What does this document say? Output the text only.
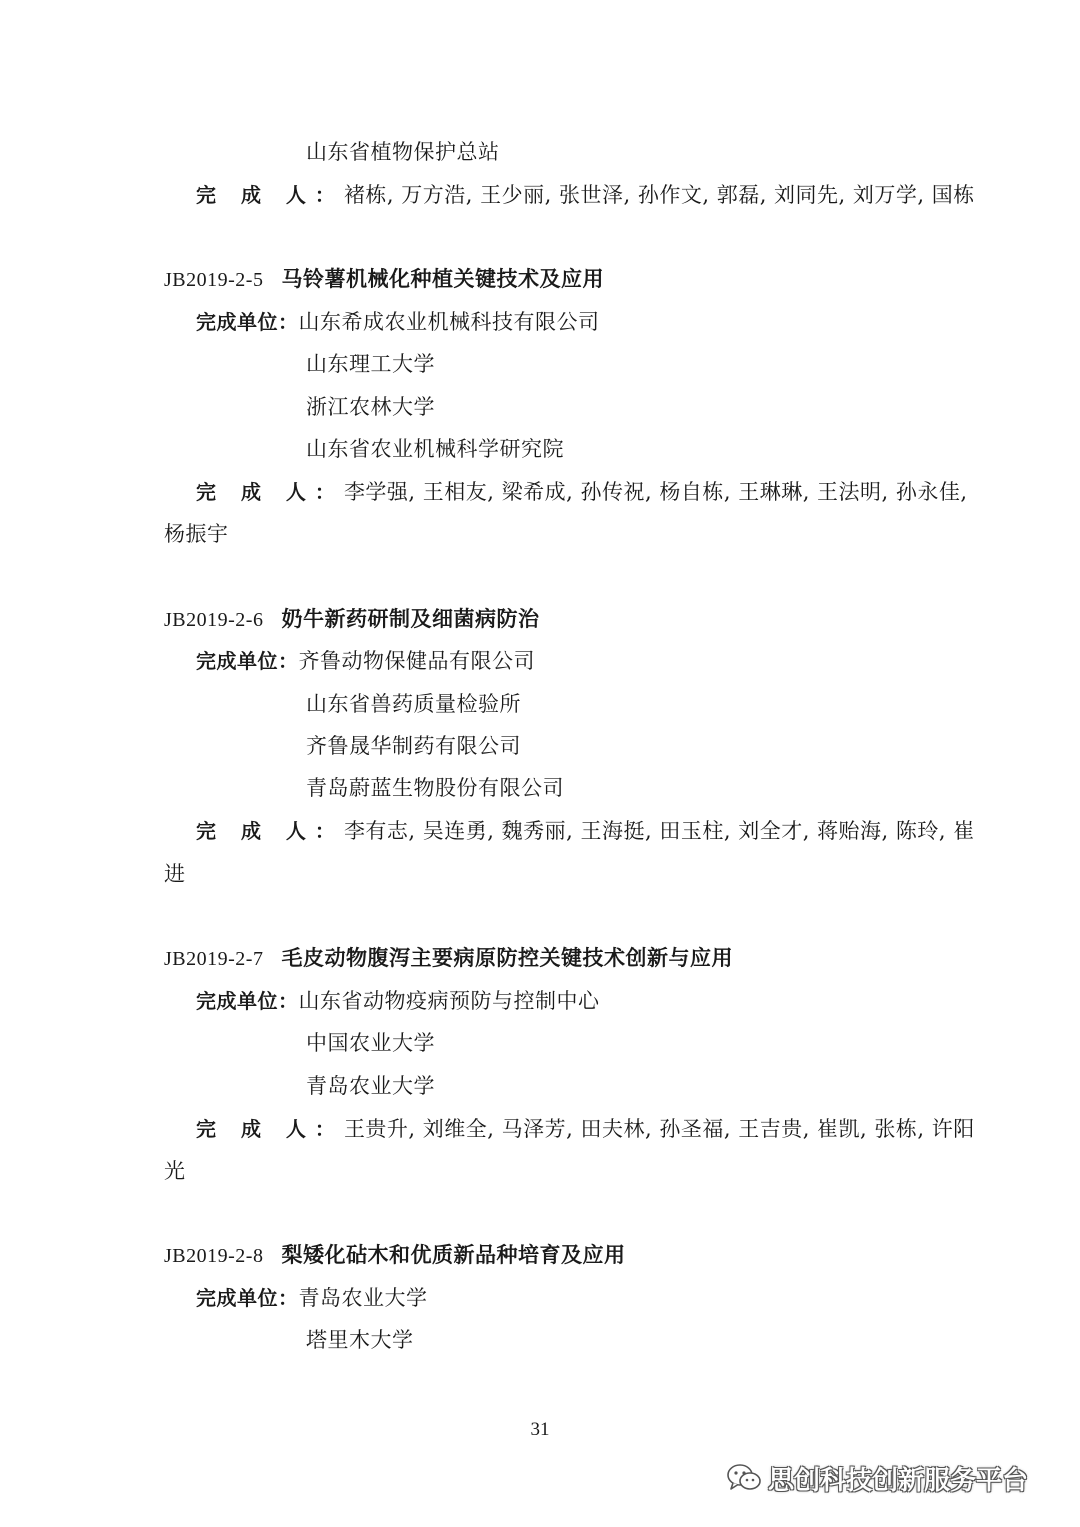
山东省植物保护总站
完 成 人：褚栋, 万方浩, 王少丽, 张世泽, 孙作文, 郭磊, 刘同先, 刘万学, 国栋
JB2019-2-5 马铃薯机械化种植关键技术及应用
完成单位：山东希成农业机械科技有限公司
山东理工大学
浙江农林大学
山东省农业机械科学研究院
完 成 人：李学强, 王相友, 梁希成, 孙传祝, 杨自栋, 王琳琳, 王法明, 孙永佳,
杨振宇
JB2019-2-6 奶牛新药研制及细菌病防治
完成单位：齐鲁动物保健品有限公司
山东省兽药质量检验所
齐鲁晟华制药有限公司
青岛蔚蓝生物股份有限公司
完 成 人：李有志, 吴连勇, 魏秀丽, 王海挺, 田玉柱, 刘全才, 蒋贻海, 陈玲, 崔
进
JB2019-2-7 毛皮动物腹泻主要病原防控关键技术创新与应用
完成单位：山东省动物疫病预防与控制中心
中国农业大学
青岛农业大学
完 成 人：王贵升, 刘维全, 马泽芳, 田夫林, 孙圣福, 王吉贵, 崔凯, 张栋, 许阳
光
JB2019-2-8 梨矮化砧木和优质新品种培育及应用
完成单位：青岛农业大学
塔里木大学
31
思创科技创新服务平台
